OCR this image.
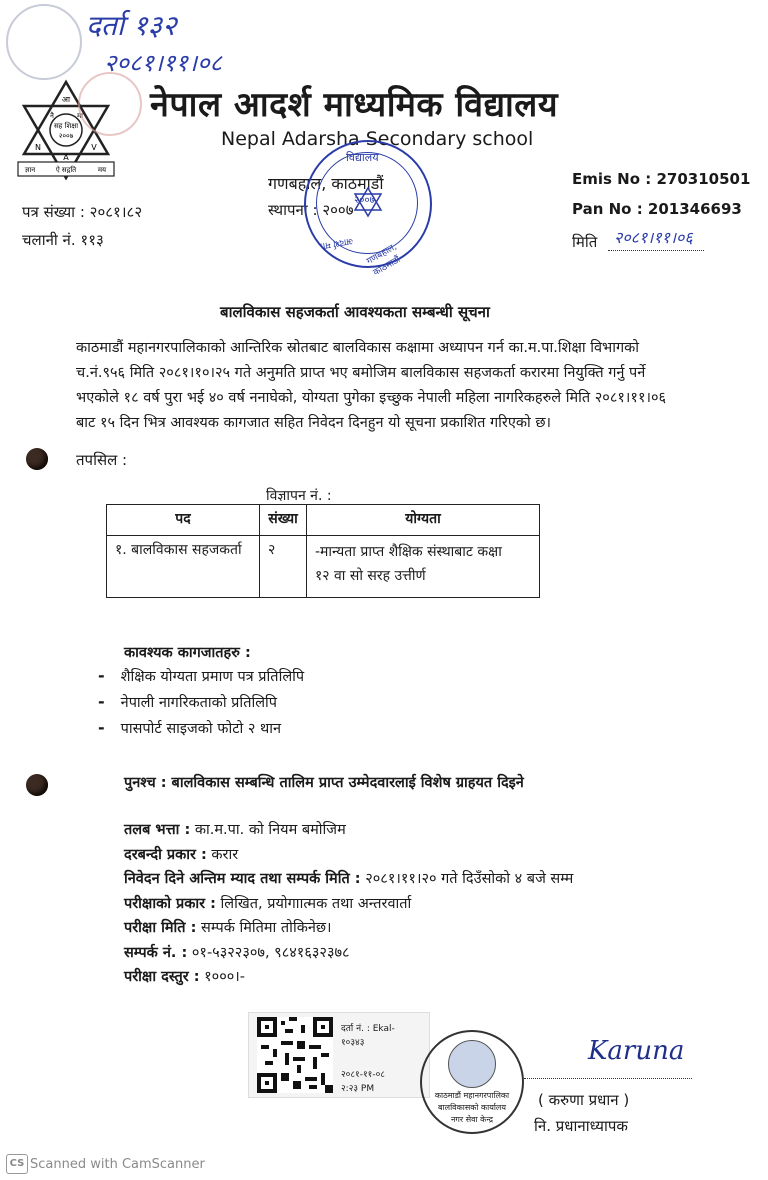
दर्ता १३२
२०८१।११।०८
आ
नै	मा
सह शिक्षा
२००७
N
A
V
ज्ञान	ऐ सद्गति	मय
नेपाल आदर्श माध्यमिक विद्यालय
Nepal Adarsha Secondary school
गणबहाल, काठमाडौं
स्थापना : २००७
विद्यालय
२००७
गणबहाल, काठमाडौं
आदर्श मा.
पत्र संख्या : २०८१।८२
चलानी नं. ११३
Emis No : 270310501
Pan No : 201346693
मिति २०८१।११।०६
बालविकास सहजकर्ता आवश्यकता सम्बन्धी सूचना
काठमाडौं महानगरपालिकाको आन्तिरिक स्रोतबाट बालविकास कक्षामा अध्यापन गर्न का.म.पा.शिक्षा विभागको
च.नं.९५६ मिति २०८१।१०।२५ गते अनुमति प्राप्त भए बमोजिम बालविकास सहजकर्ता करारमा नियुक्ति गर्नु पर्ने
भएकोले १८ वर्ष पुरा भई ४० वर्ष ननाघेको, योग्यता पुगेका इच्छुक नेपाली महिला नागरिकहरुले मिति २०८१।११।०६
बाट १५ दिन भित्र आवश्यक कागजात सहित निवेदन दिनहुन यो सूचना प्रकाशित गरिएको छ।
तपसिल :
विज्ञापन नं. :
पद	संख्या	योग्यता
१. बालविकास सहजकर्ता	२	-मान्यता प्राप्त शैक्षिक संस्थाबाट कक्षा
१२ वा सो सरह उत्तीर्ण
कावश्यक कागजातहरु :
- शैक्षिक योग्यता प्रमाण पत्र प्रतिलिपि
- नेपाली नागरिकताको प्रतिलिपि
- पासपोर्ट साइजको फोटो २ थान
पुनश्च : बालविकास सम्बन्धि तालिम प्राप्त उम्मेदवारलाई विशेष ग्राहयत दिइने
तलब भत्ता : का.म.पा. को नियम बमोजिम
दरबन्दी प्रकार : करार
निवेदन दिने अन्तिम म्याद तथा सम्पर्क मिति : २०८१।११।२० गते दिउँसोको ४ बजे सम्म
परीक्षाको प्रकार : लिखित, प्रयोगाात्मक तथा अन्तरवार्ता
परीक्षा मिति : सम्पर्क मितिमा तोकिनेछ।
सम्पर्क नं. : ०१-५३२२३०७, ९८४१६३२३७८
परीक्षा दस्तुर : १०००।-
दर्ता नं. : Ekal-
१०३४३
२०८१-११-०८
२:२३ PM
काठमाडौं महानगरपालिका
बालविकासको कार्यालय
नगर सेवा केन्द्र
Karuna
( करुणा प्रधान )
नि. प्रधानाध्यापक
CS Scanned with CamScanner
